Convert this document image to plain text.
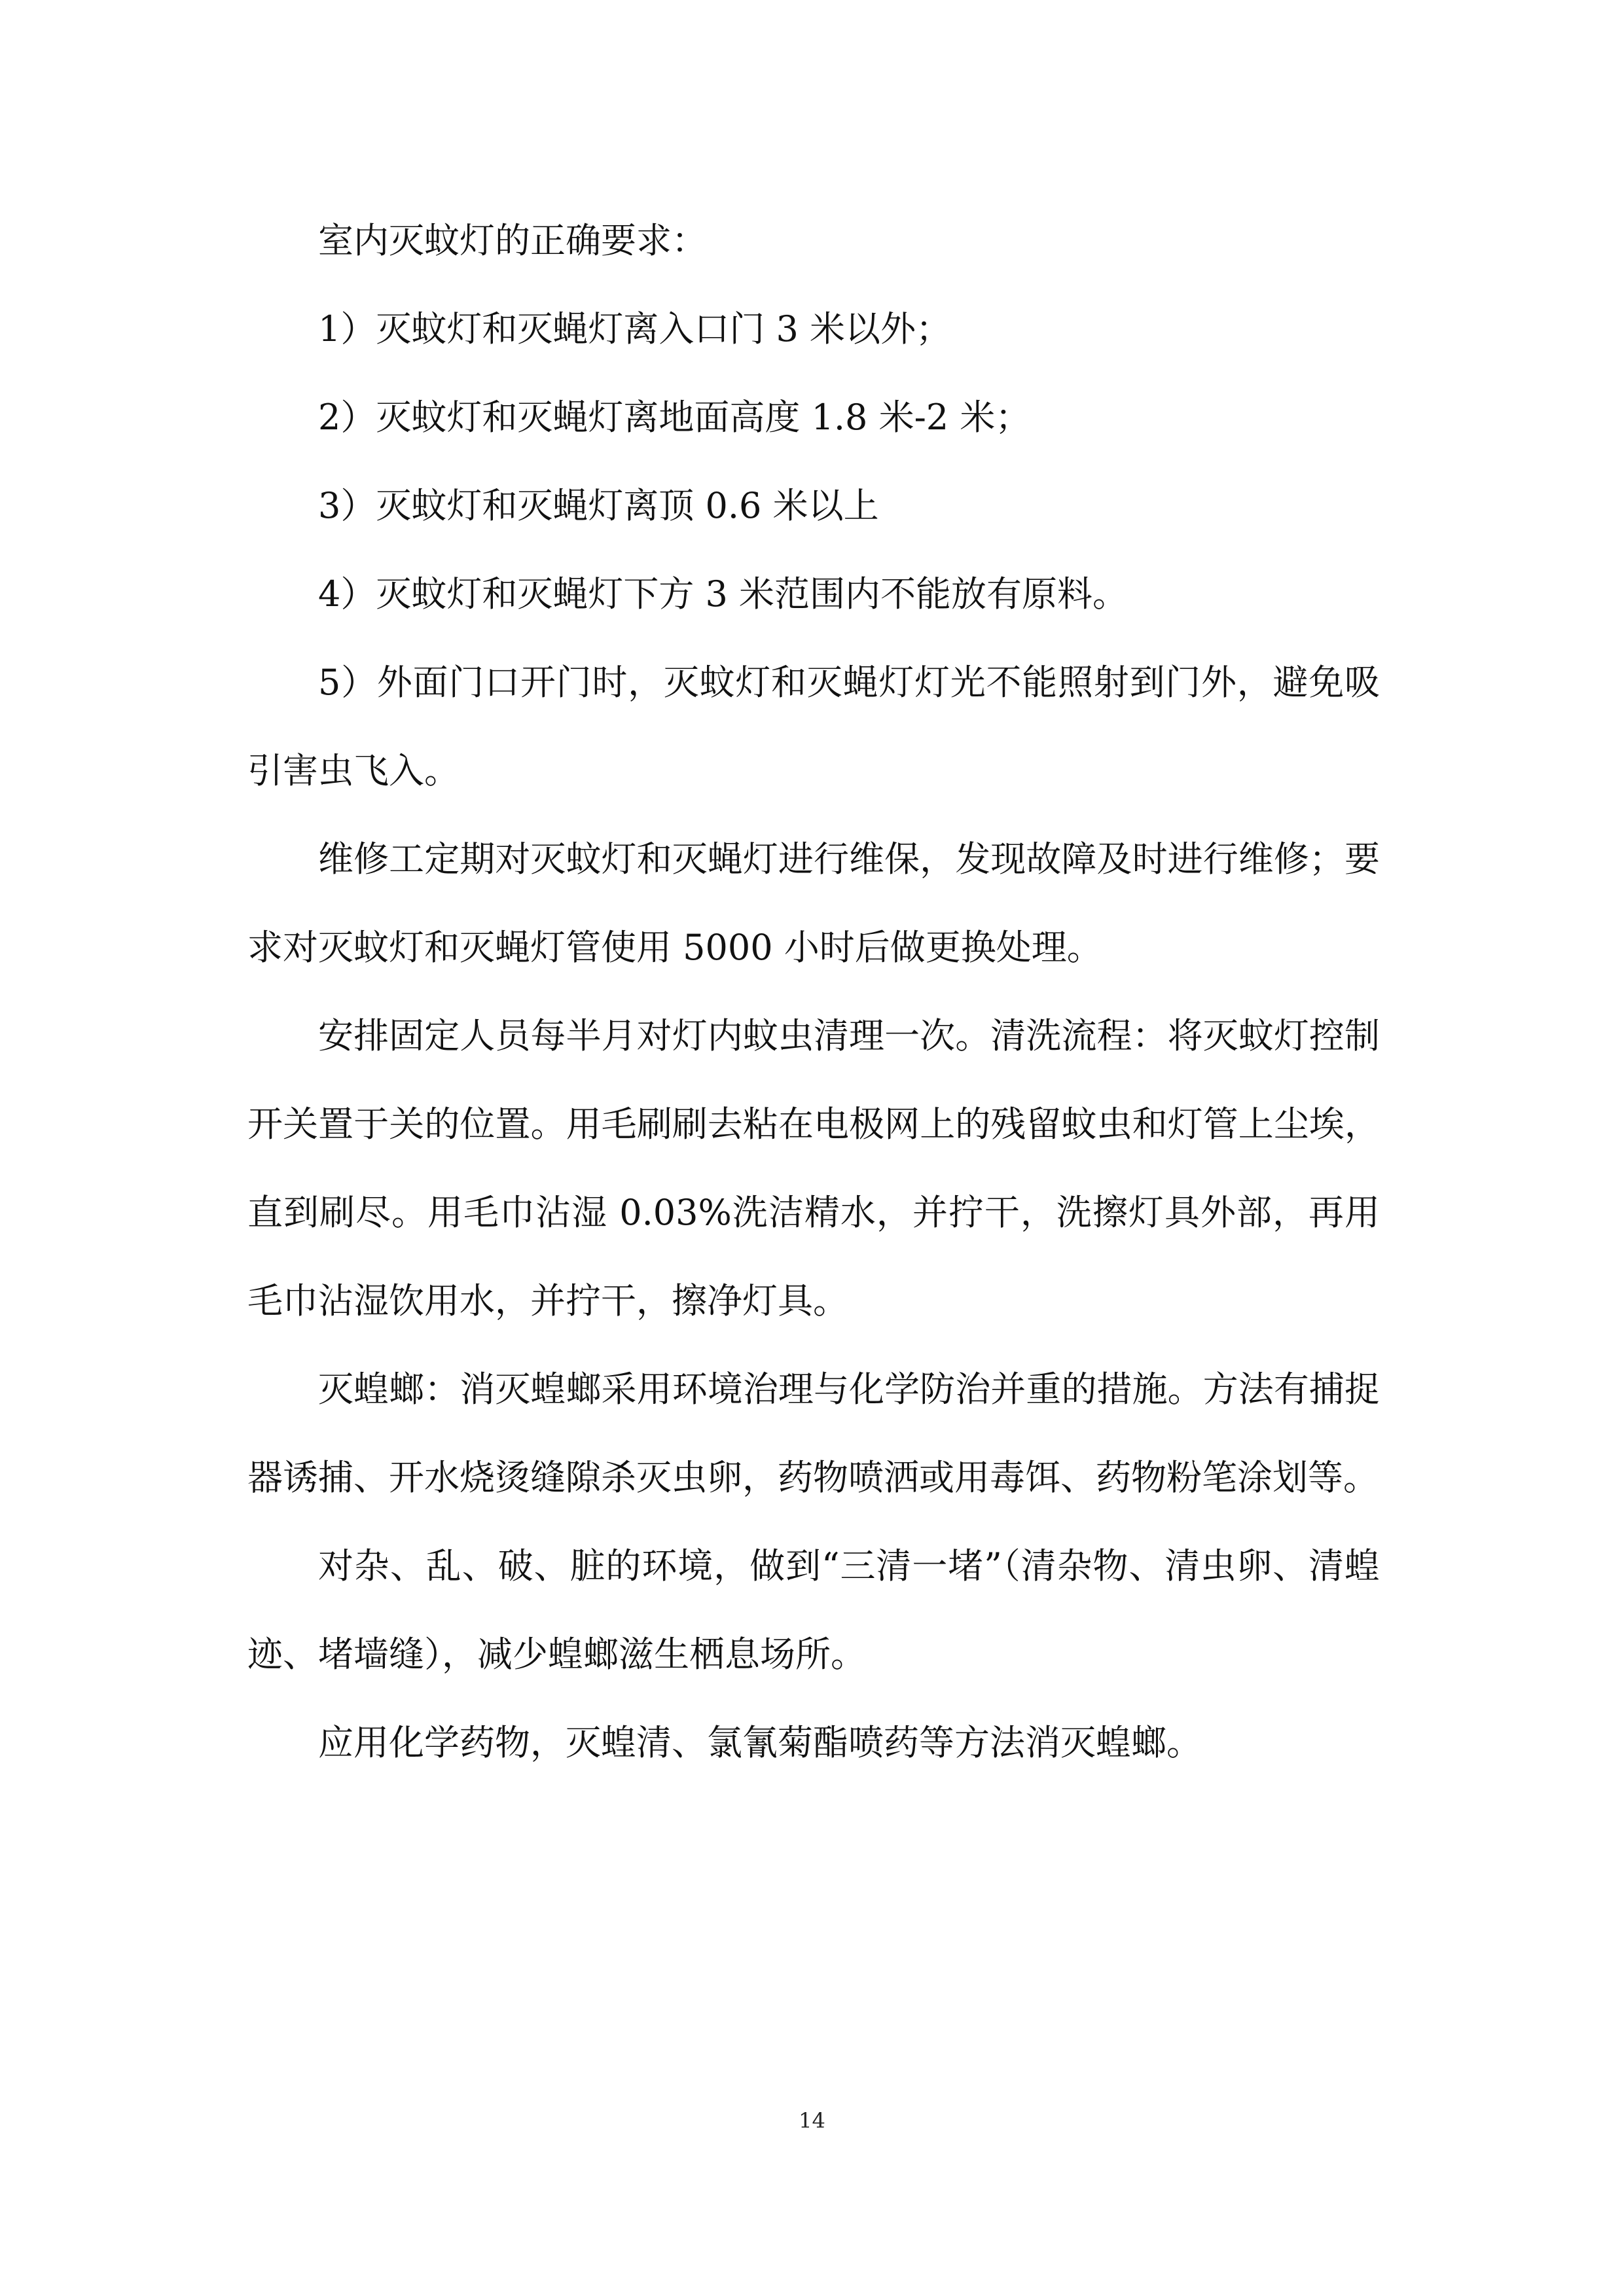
室内灭蚊灯的正确要求：

1）灭蚊灯和灭蝇灯离入口门 3 米以外；

2）灭蚊灯和灭蝇灯离地面高度 1.8 米-2 米；

3）灭蚊灯和灭蝇灯离顶 0.6 米以上

4）灭蚊灯和灭蝇灯下方 3 米范围内不能放有原料。

5）外面门口开门时，灭蚊灯和灭蝇灯灯光不能照射到门外，避免吸引害虫飞入。

维修工定期对灭蚊灯和灭蝇灯进行维保，发现故障及时进行维修；要求对灭蚊灯和灭蝇灯管使用 5000 小时后做更换处理。

安排固定人员每半月对灯内蚊虫清理一次。清洗流程：将灭蚊灯控制开关置于关的位置。用毛刷刷去粘在电极网上的残留蚊虫和灯管上尘埃，直到刷尽。用毛巾沾湿 0.03%洗洁精水，并拧干，洗擦灯具外部，再用毛巾沾湿饮用水，并拧干，擦净灯具。

灭蝗螂：消灭蝗螂采用环境治理与化学防治并重的措施。方法有捕捉器诱捕、开水烧烫缝隙杀灭虫卵，药物喷洒或用毒饵、药物粉笔涂划等。

对杂、乱、破、脏的环境，做到“三清一堵”（清杂物、清虫卵、清蝗迹、堵墙缝），减少蝗螂滋生栖息场所。

应用化学药物，灭蝗清、氯氰菊酯喷药等方法消灭蝗螂。

14
